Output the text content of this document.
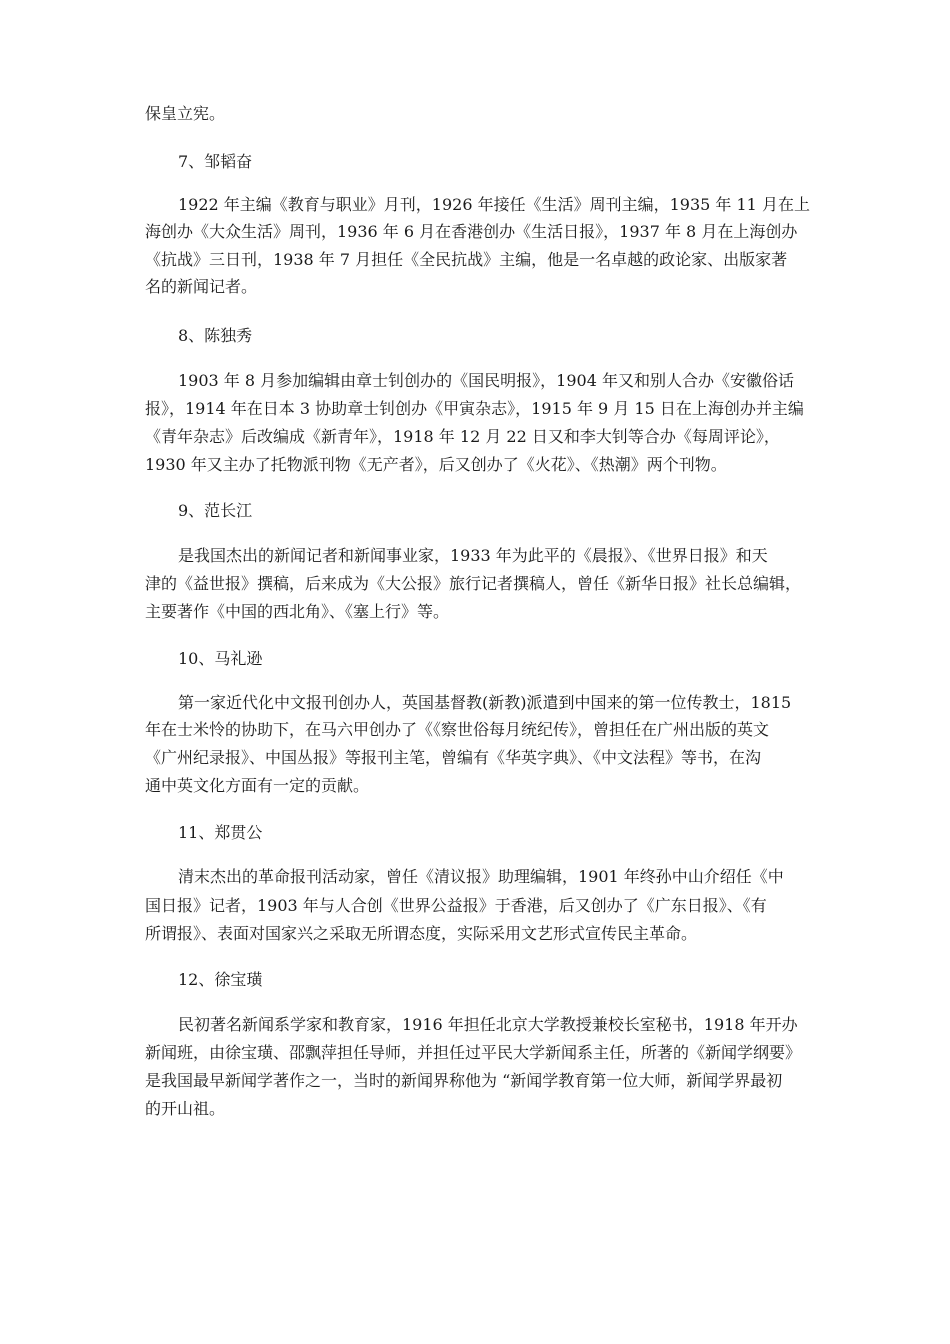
保皇立宪。
7、邹韬奋
1922 年主编《教育与职业》月刊，1926 年接任《生活》周刊主编，1935 年 11 月在上
海创办《大众生活》周刊，1936 年 6 月在香港创办《生活日报》，1937 年 8 月在上海创办
《抗战》三日刊，1938 年 7 月担任《全民抗战》主编，他是一名卓越的政论家、出版家著
名的新闻记者。
8、陈独秀
1903 年 8 月参加编辑由章士钊创办的《国民明报》，1904 年又和别人合办《安徽俗话
报》，1914 年在日本 3 协助章士钊创办《甲寅杂志》，1915 年 9 月 15 日在上海创办并主编
《青年杂志》后改编成《新青年》，1918 年 12 月 22 日又和李大钊等合办《每周评论》，
1930 年又主办了托物派刊物《无产者》，后又创办了《火花》、《热潮》两个刊物。
9、范长江
是我国杰出的新闻记者和新闻事业家，1933 年为此平的《晨报》、《世界日报》和天
津的《益世报》撰稿，后来成为《大公报》旅行记者撰稿人，曾任《新华日报》社长总编辑，
主要著作《中国的西北角》、《塞上行》等。
10、马礼逊
第一家近代化中文报刊创办人，英国基督教(新教)派遣到中国来的第一位传教士，1815
年在士米怜的协助下，在马六甲创办了《《察世俗每月统纪传》，曾担任在广州出版的英文
《广州纪录报》、中国丛报》等报刊主笔，曾编有《华英字典》、《中文法程》等书，在沟
通中英文化方面有一定的贡献。
11、郑贯公
清末杰出的革命报刊活动家，曾任《清议报》助理编辑，1901 年终孙中山介绍任《中
国日报》记者，1903 年与人合创《世界公益报》于香港，后又创办了《广东日报》、《有
所谓报》、表面对国家兴之采取无所谓态度，实际采用文艺形式宣传民主革命。
12、徐宝璜
民初著名新闻系学家和教育家，1916 年担任北京大学教授兼校长室秘书，1918 年开办
新闻班，由徐宝璜、邵飘萍担任导师，并担任过平民大学新闻系主任，所著的《新闻学纲要》
是我国最早新闻学著作之一，当时的新闻界称他为 “新闻学教育第一位大师，新闻学界最初
的开山祖。
